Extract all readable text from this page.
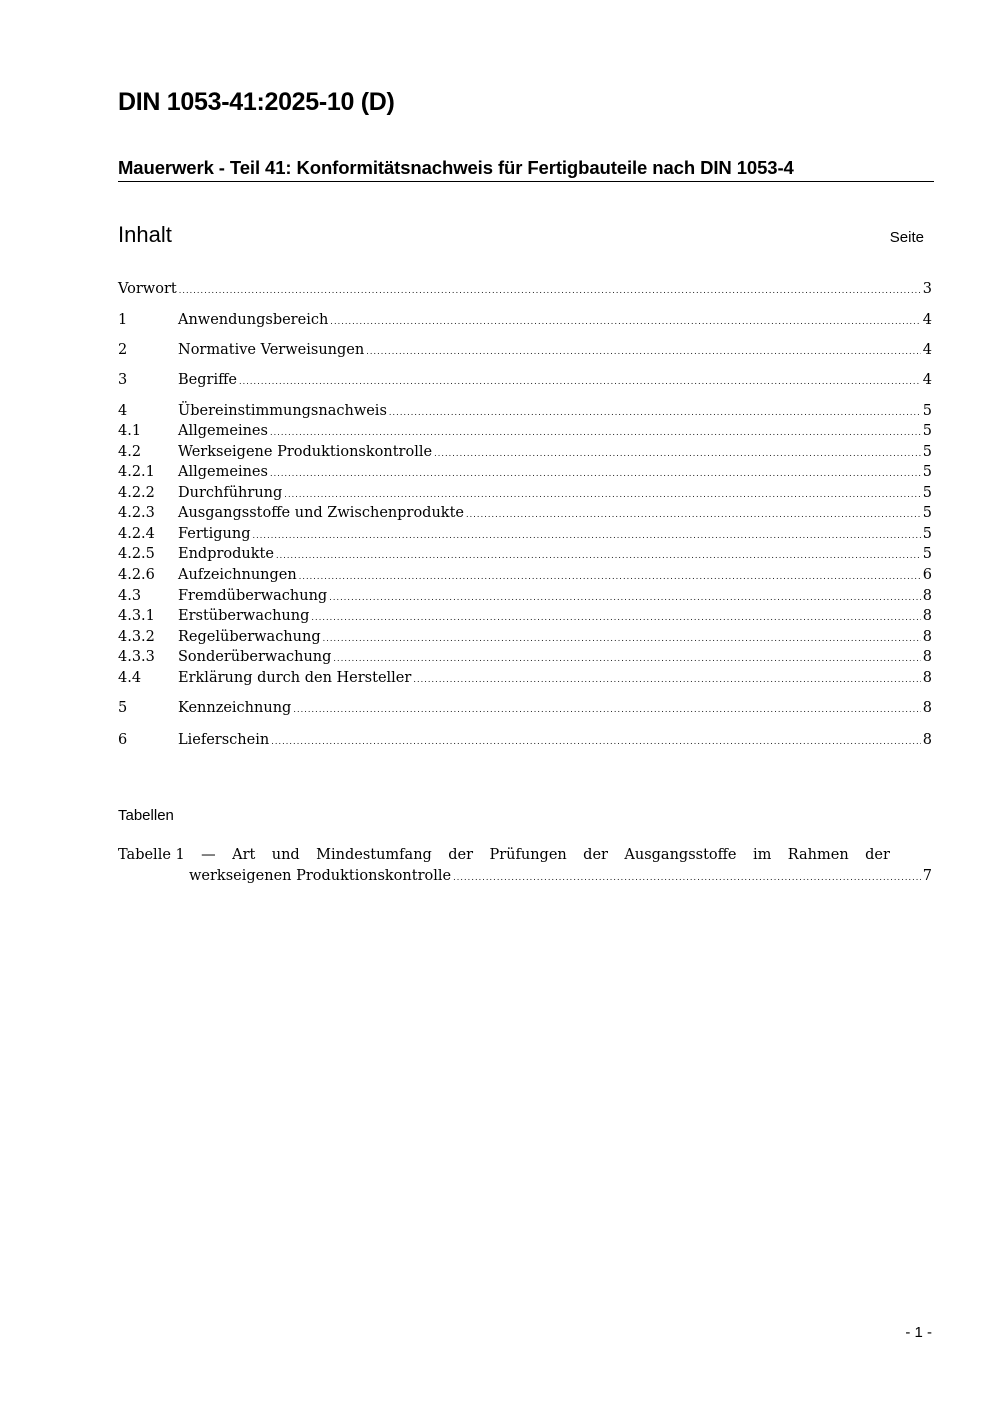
DIN 1053-41:2025-10 (D)
Mauerwerk - Teil 41: Konformitätsnachweis für Fertigbauteile nach DIN 1053-4
Inhalt	Seite
Vorwort .....	3
1	Anwendungsbereich .....	4
2	Normative Verweisungen .....	4
3	Begriffe .....	4
4	Übereinstimmungsnachweis .....	5
4.1	Allgemeines .....	5
4.2	Werkseigene Produktionskontrolle .....	5
4.2.1	Allgemeines .....	5
4.2.2	Durchführung .....	5
4.2.3	Ausgangsstoffe und Zwischenprodukte .....	5
4.2.4	Fertigung .....	5
4.2.5	Endprodukte .....	5
4.2.6	Aufzeichnungen .....	6
4.3	Fremdüberwachung .....	8
4.3.1	Erstüberwachung .....	8
4.3.2	Regelüberwachung .....	8
4.3.3	Sonderüberwachung .....	8
4.4	Erklärung durch den Hersteller .....	8
5	Kennzeichnung .....	8
6	Lieferschein .....	8
Tabellen
Tabelle 1 — Art und Mindestumfang der Prüfungen der Ausgangsstoffe im Rahmen der
werkseigenen Produktionskontrolle .....	7
- 1 -
